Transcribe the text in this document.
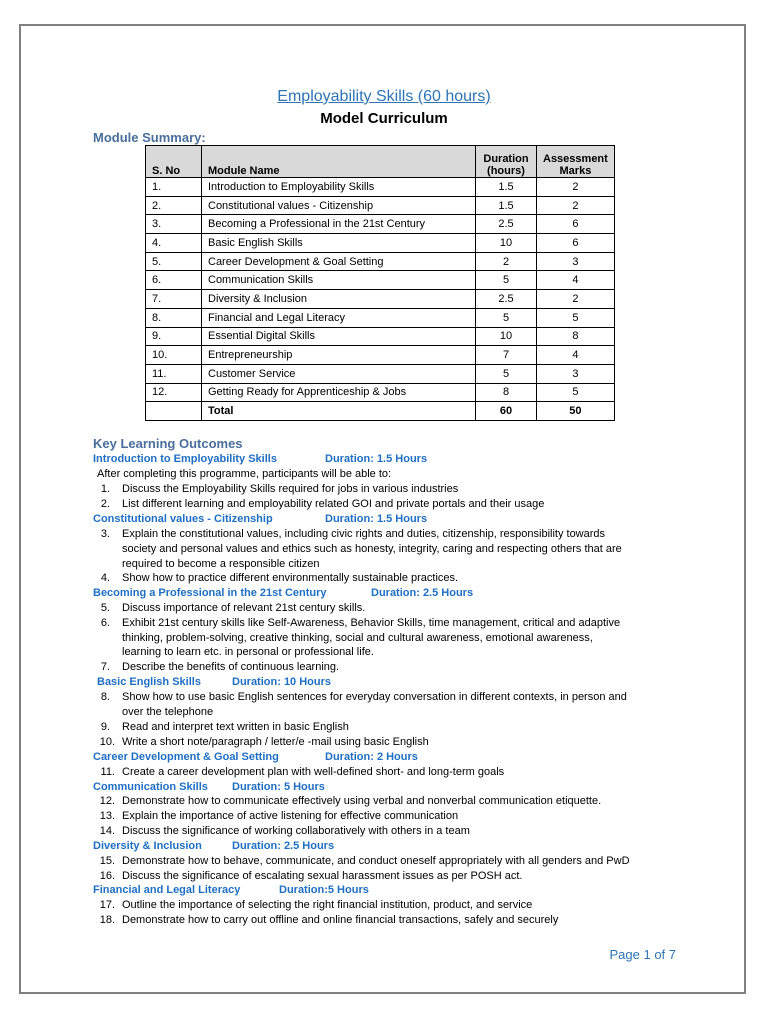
Employability Skills (60 hours)
Model Curriculum
Module Summary:
S. No	Module Name	Duration (hours)	Assessment Marks
1.	Introduction to Employability Skills	1.5	2
2.	Constitutional values - Citizenship	1.5	2
3.	Becoming a Professional in the 21st Century	2.5	6
4.	Basic English Skills	10	6
5.	Career Development & Goal Setting	2	3
6.	Communication Skills	5	4
7.	Diversity & Inclusion	2.5	2
8.	Financial and Legal Literacy	5	5
9.	Essential Digital Skills	10	8
10.	Entrepreneurship	7	4
11.	Customer Service	5	3
12.	Getting Ready for Apprenticeship & Jobs	8	5
	Total	60	50
Key Learning Outcomes
Introduction to Employability Skills	Duration: 1.5 Hours
After completing this programme, participants will be able to:
1. Discuss the Employability Skills required for jobs in various industries
2. List different learning and employability related GOI and private portals and their usage
Constitutional values - Citizenship	Duration: 1.5 Hours
3. Explain the constitutional values, including civic rights and duties, citizenship, responsibility towards
society and personal values and ethics such as honesty, integrity, caring and respecting others that are
required to become a responsible citizen
4. Show how to practice different environmentally sustainable practices.
Becoming a Professional in the 21st Century	Duration: 2.5 Hours
5. Discuss importance of relevant 21st century skills.
6. Exhibit 21st century skills like Self-Awareness, Behavior Skills, time management, critical and adaptive
thinking, problem-solving, creative thinking, social and cultural awareness, emotional awareness,
learning to learn etc. in personal or professional life.
7. Describe the benefits of continuous learning.
Basic English Skills	Duration: 10 Hours
8. Show how to use basic English sentences for everyday conversation in different contexts, in person and
over the telephone
9. Read and interpret text written in basic English
10. Write a short note/paragraph / letter/e -mail using basic English
Career Development & Goal Setting	Duration: 2 Hours
11. Create a career development plan with well-defined short- and long-term goals
Communication Skills Duration: 5 Hours
12. Demonstrate how to communicate effectively using verbal and nonverbal communication etiquette.
13. Explain the importance of active listening for effective communication
14. Discuss the significance of working collaboratively with others in a team
Diversity & Inclusion	Duration: 2.5 Hours
15. Demonstrate how to behave, communicate, and conduct oneself appropriately with all genders and PwD
16. Discuss the significance of escalating sexual harassment issues as per POSH act.
Financial and Legal Literacy	Duration:5 Hours
17. Outline the importance of selecting the right financial institution, product, and service
18. Demonstrate how to carry out offline and online financial transactions, safely and securely
Page 1 of 7
